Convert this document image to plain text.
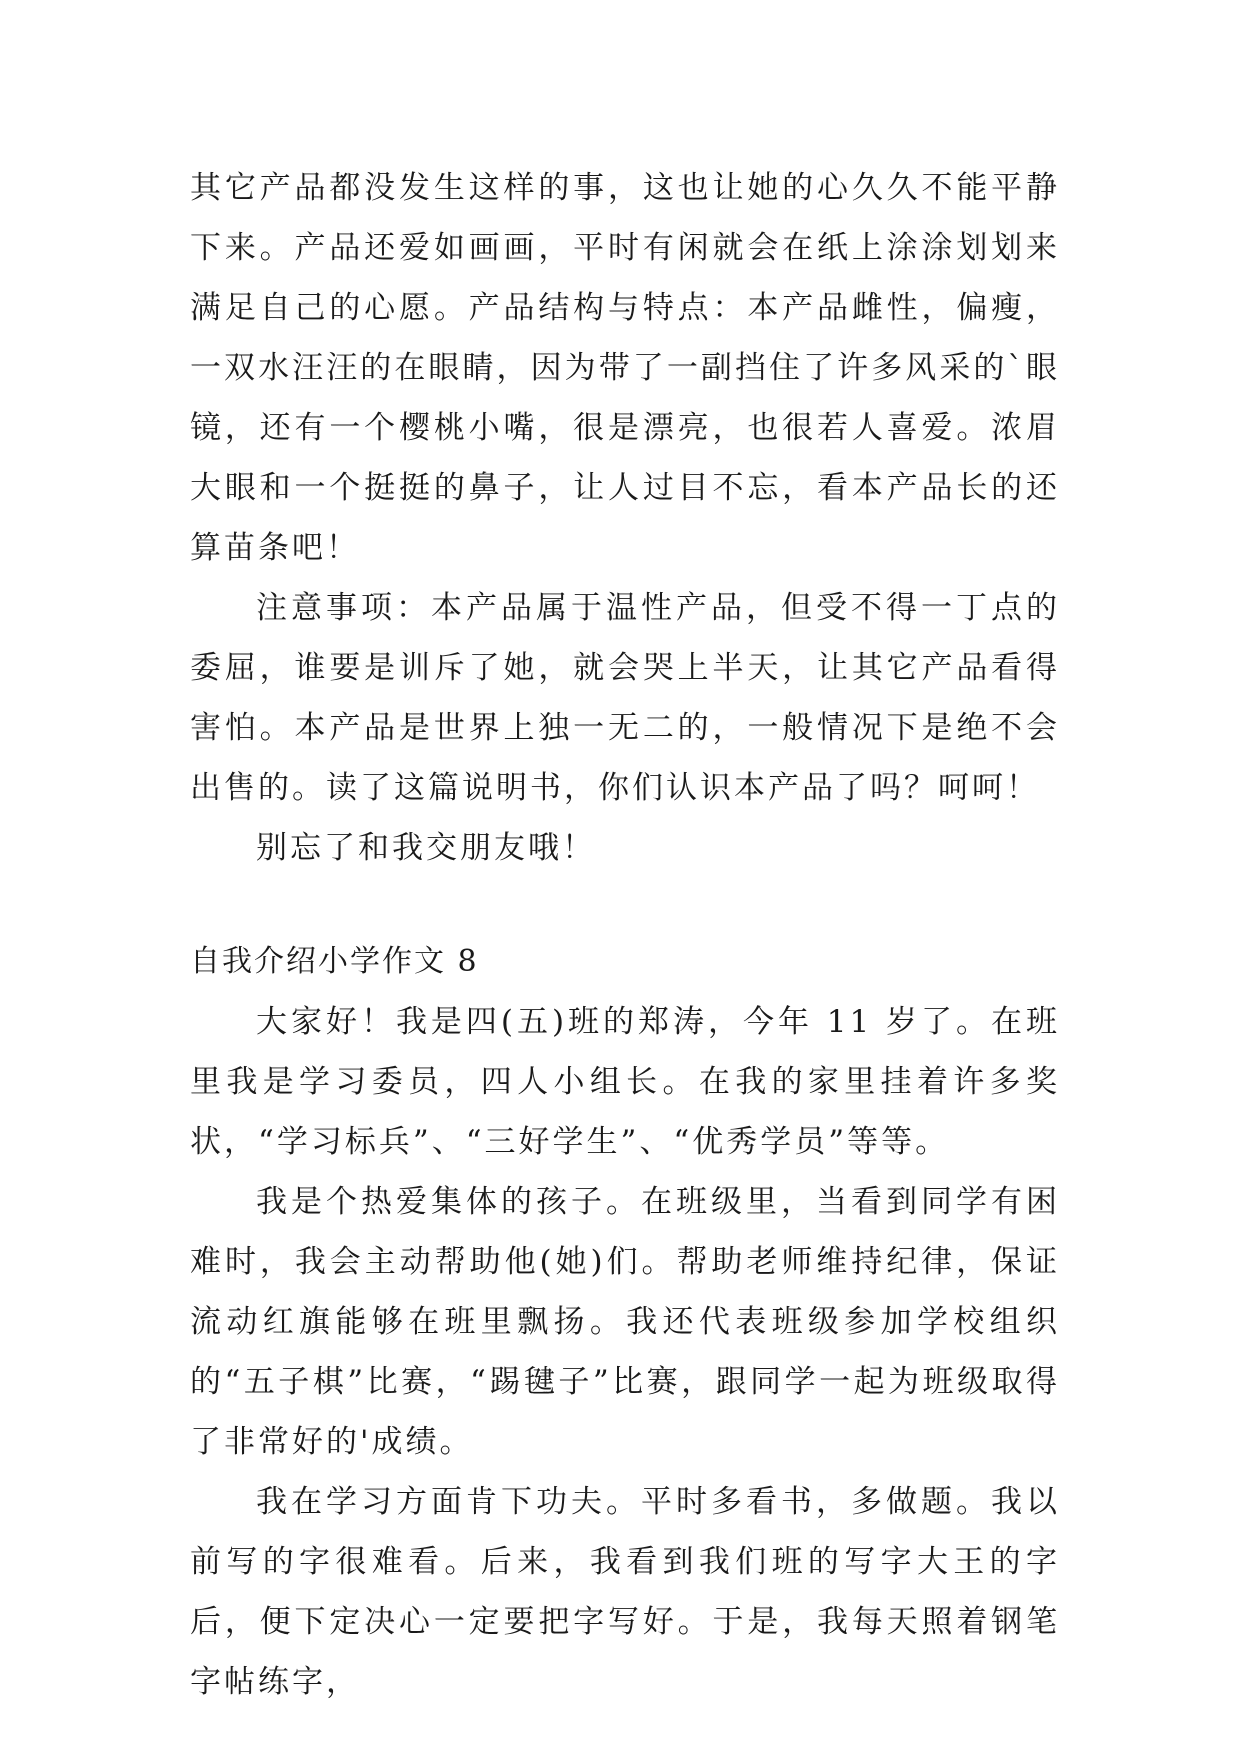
其它产品都没发生这样的事，这也让她的心久久不能平静下来。产品还爱如画画，平时有闲就会在纸上涂涂划划来满足自己的心愿。产品结构与特点：本产品雌性，偏瘦，一双水汪汪的在眼睛，因为带了一副挡住了许多风采的`眼镜，还有一个樱桃小嘴，很是漂亮，也很若人喜爱。浓眉大眼和一个挺挺的鼻子，让人过目不忘，看本产品长的还算苗条吧！

注意事项：本产品属于温性产品，但受不得一丁点的委屈，谁要是训斥了她，就会哭上半天，让其它产品看得害怕。本产品是世界上独一无二的，一般情况下是绝不会出售的。读了这篇说明书，你们认识本产品了吗？呵呵！

别忘了和我交朋友哦！

自我介绍小学作文 8

大家好！我是四(五)班的郑涛，今年 11 岁了。在班里我是学习委员，四人小组长。在我的家里挂着许多奖状，“学习标兵”、“三好学生”、“优秀学员”等等。

我是个热爱集体的孩子。在班级里，当看到同学有困难时，我会主动帮助他(她)们。帮助老师维持纪律，保证流动红旗能够在班里飘扬。我还代表班级参加学校组织的“五子棋”比赛，“踢毽子”比赛，跟同学一起为班级取得了非常好的'成绩。

我在学习方面肯下功夫。平时多看书，多做题。我以前写的字很难看。后来，我看到我们班的写字大王的字后，便下定决心一定要把字写好。于是，我每天照着钢笔字帖练字，
